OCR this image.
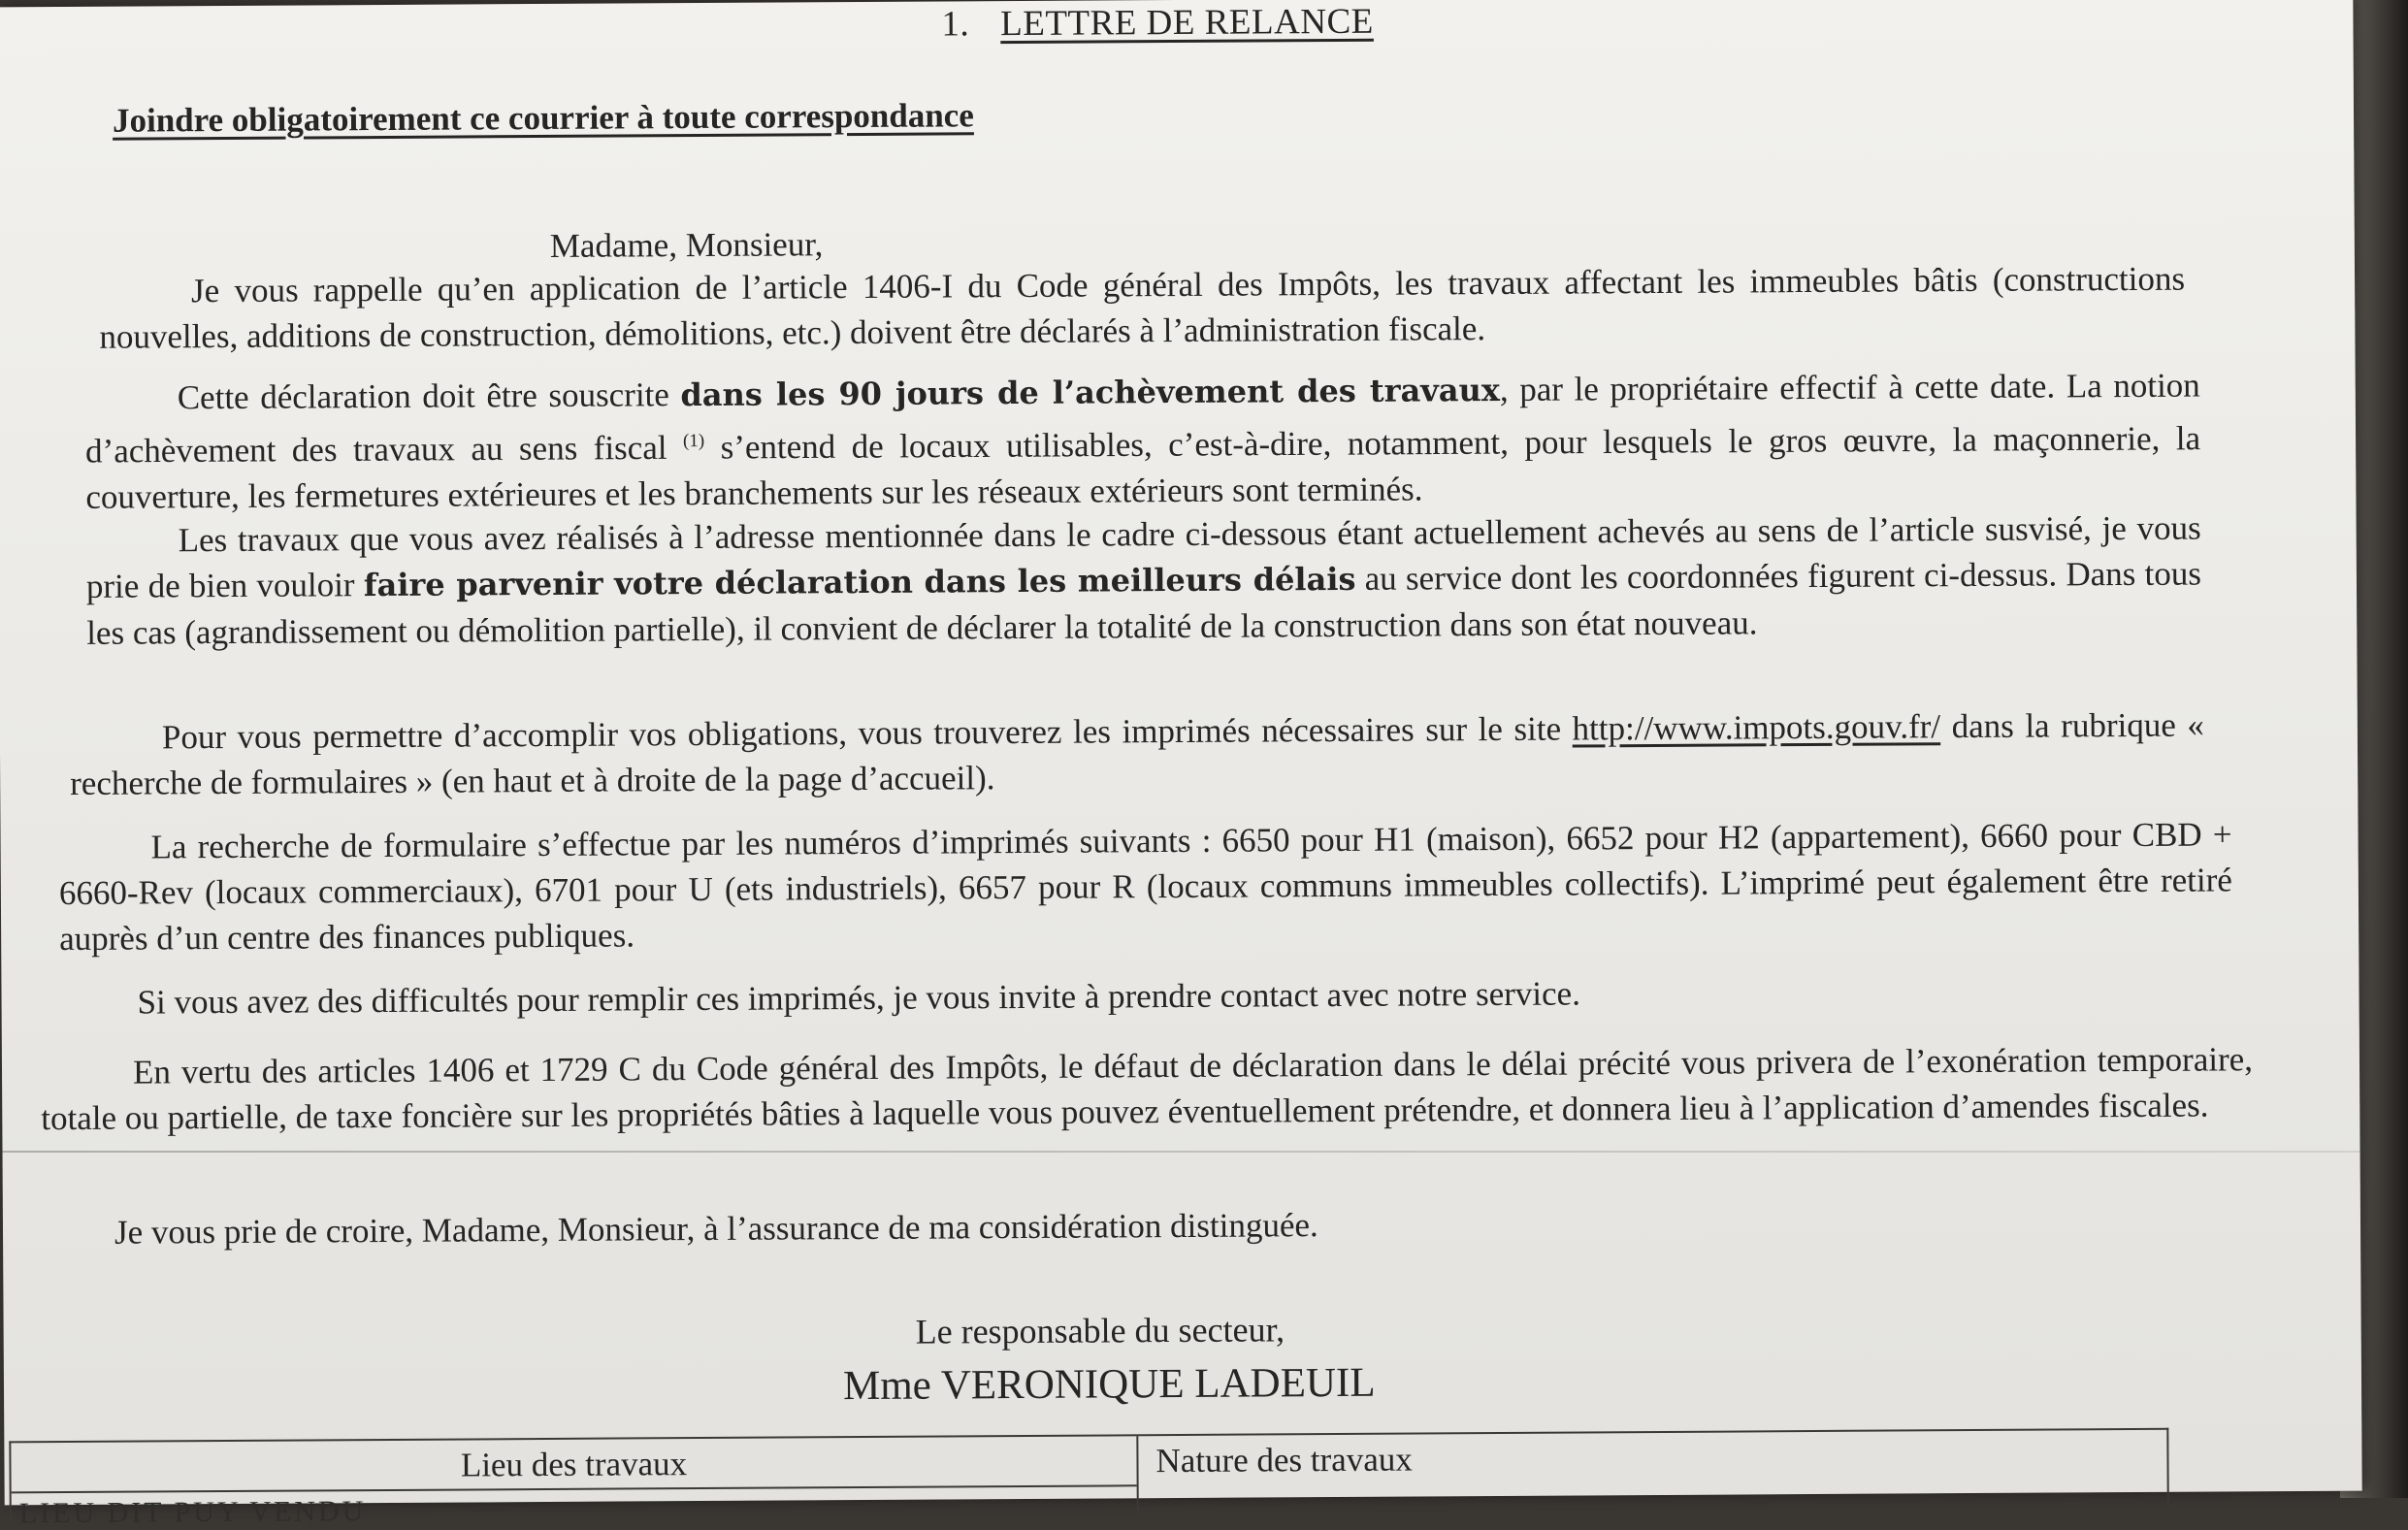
1. LETTRE DE RELANCE
Joindre obligatoirement ce courrier à toute correspondance
Madame, Monsieur,
Je vous rappelle qu’en application de l’article 1406-I du Code général des Impôts, les travaux affectant les immeubles bâtis (constructions nouvelles, additions de construction, démolitions, etc.) doivent être déclarés à l’administration fiscale.
Cette déclaration doit être souscrite dans les 90 jours de l’achèvement des travaux, par le propriétaire effectif à cette date. La notion d’achèvement des travaux au sens fiscal $^{(1)}$ s’entend de locaux utilisables, c’est-à-dire, notamment, pour lesquels le gros œuvre, la maçonnerie, la couverture, les fermetures extérieures et les branchements sur les réseaux extérieurs sont terminés.
Les travaux que vous avez réalisés à l’adresse mentionnée dans le cadre ci-dessous étant actuellement achevés au sens de l’article susvisé, je vous prie de bien vouloir faire parvenir votre déclaration dans les meilleurs délais au service dont les coordonnées figurent ci-dessus. Dans tous les cas (agrandissement ou démolition partielle), il convient de déclarer la totalité de la construction dans son état nouveau.
Pour vous permettre d’accomplir vos obligations, vous trouverez les imprimés nécessaires sur le site http://www.impots.gouv.fr/ dans la rubrique « recherche de formulaires » (en haut et à droite de la page d’accueil).
La recherche de formulaire s’effectue par les numéros d’imprimés suivants : 6650 pour H1 (maison), 6652 pour H2 (appartement), 6660 pour CBD + 6660-Rev (locaux commerciaux), 6701 pour U (ets industriels), 6657 pour R (locaux communs immeubles collectifs). L’imprimé peut également être retiré auprès d’un centre des finances publiques.
Si vous avez des difficultés pour remplir ces imprimés, je vous invite à prendre contact avec notre service.
En vertu des articles 1406 et 1729 C du Code général des Impôts, le défaut de déclaration dans le délai précité vous privera de l’exonération temporaire, totale ou partielle, de taxe foncière sur les propriétés bâties à laquelle vous pouvez éventuellement prétendre, et donnera lieu à l’application d’amendes fiscales.
Je vous prie de croire, Madame, Monsieur, à l’assurance de ma considération distinguée.
Le responsable du secteur,
Mme VERONIQUE LADEUIL
Lieu des travaux	Nature des travaux
LIEU DIT PUY VENDU
